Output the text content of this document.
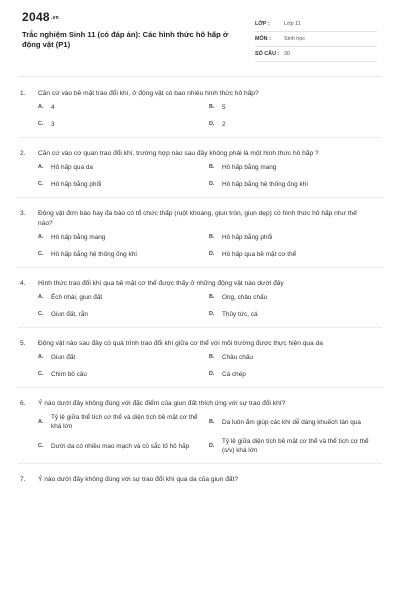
2048.vn
Trắc nghiệm Sinh 11 (có đáp án): Các hình thức hô hấp ở động vật (P1)
LỚP :	Lớp 11
MÔN :	Sinh học
SỐ CÂU : 30
1.	Căn cứ vào bề mặt trao đổi khí, ở động vật có bao nhiêu hình thức hô hấp?
A.	4	B.	5
C.	3	D.	2
2.	Căn cứ vào cơ quan trao đổi khí, trường hợp nào sau đây không phải là một hình thức hô hấp ?
A.	Hô hấp qua da	B.	Hô hấp bằng mang
C.	Hô hấp bằng phổi	D.	Hô hấp bằng hệ thống ống khí
3.	Động vật đơn bào hay đa bào có tổ chức thấp (ruột khoang, giun tròn, giun dẹp) có hình thức hô hấp như thế nào?
A.	Hô hấp bằng mang	B.	Hô hấp bằng phổi
C.	Hô hấp bằng hệ thống ống khí	D.	Hô hấp qua bề mặt cơ thể
4.	Hình thức trao đổi khí qua bề mặt cơ thể được thấy ở những động vật nào dưới đây
A.	Ếch nhái, giun đất	B.	Ong, châu chấu
C.	Giun đất, rắn	D.	Thủy tức, cá
5.	Động vật nào sau đây có quá trình trao đổi khí giữa cơ thể với môi trường được thực hiện qua da
A.	Giun đất	B.	Châu chấu
C.	Chim bồ câu	D.	Cá chép
6.	Ý nào dưới đây không đúng với đặc điểm của giun đất thích ứng với sự trao đổi khí?
A.
Tỷ lệ giữa thể tích cơ thể và diện tích bề mặt cơ thể khá lớn
B.	Da luôn ẩm giúp các khí dễ dàng khuếch tán qua
C.	Dưới da có nhiều mao mạch và có sắc tố hô hấp	D.
Tỷ lệ giữa diện tích bề mặt cơ thể và thể tích cơ thể (s/v) khá lớn
7.	Ý nào dưới đây không đúng với sự trao đổi khí qua da của giun đất?
